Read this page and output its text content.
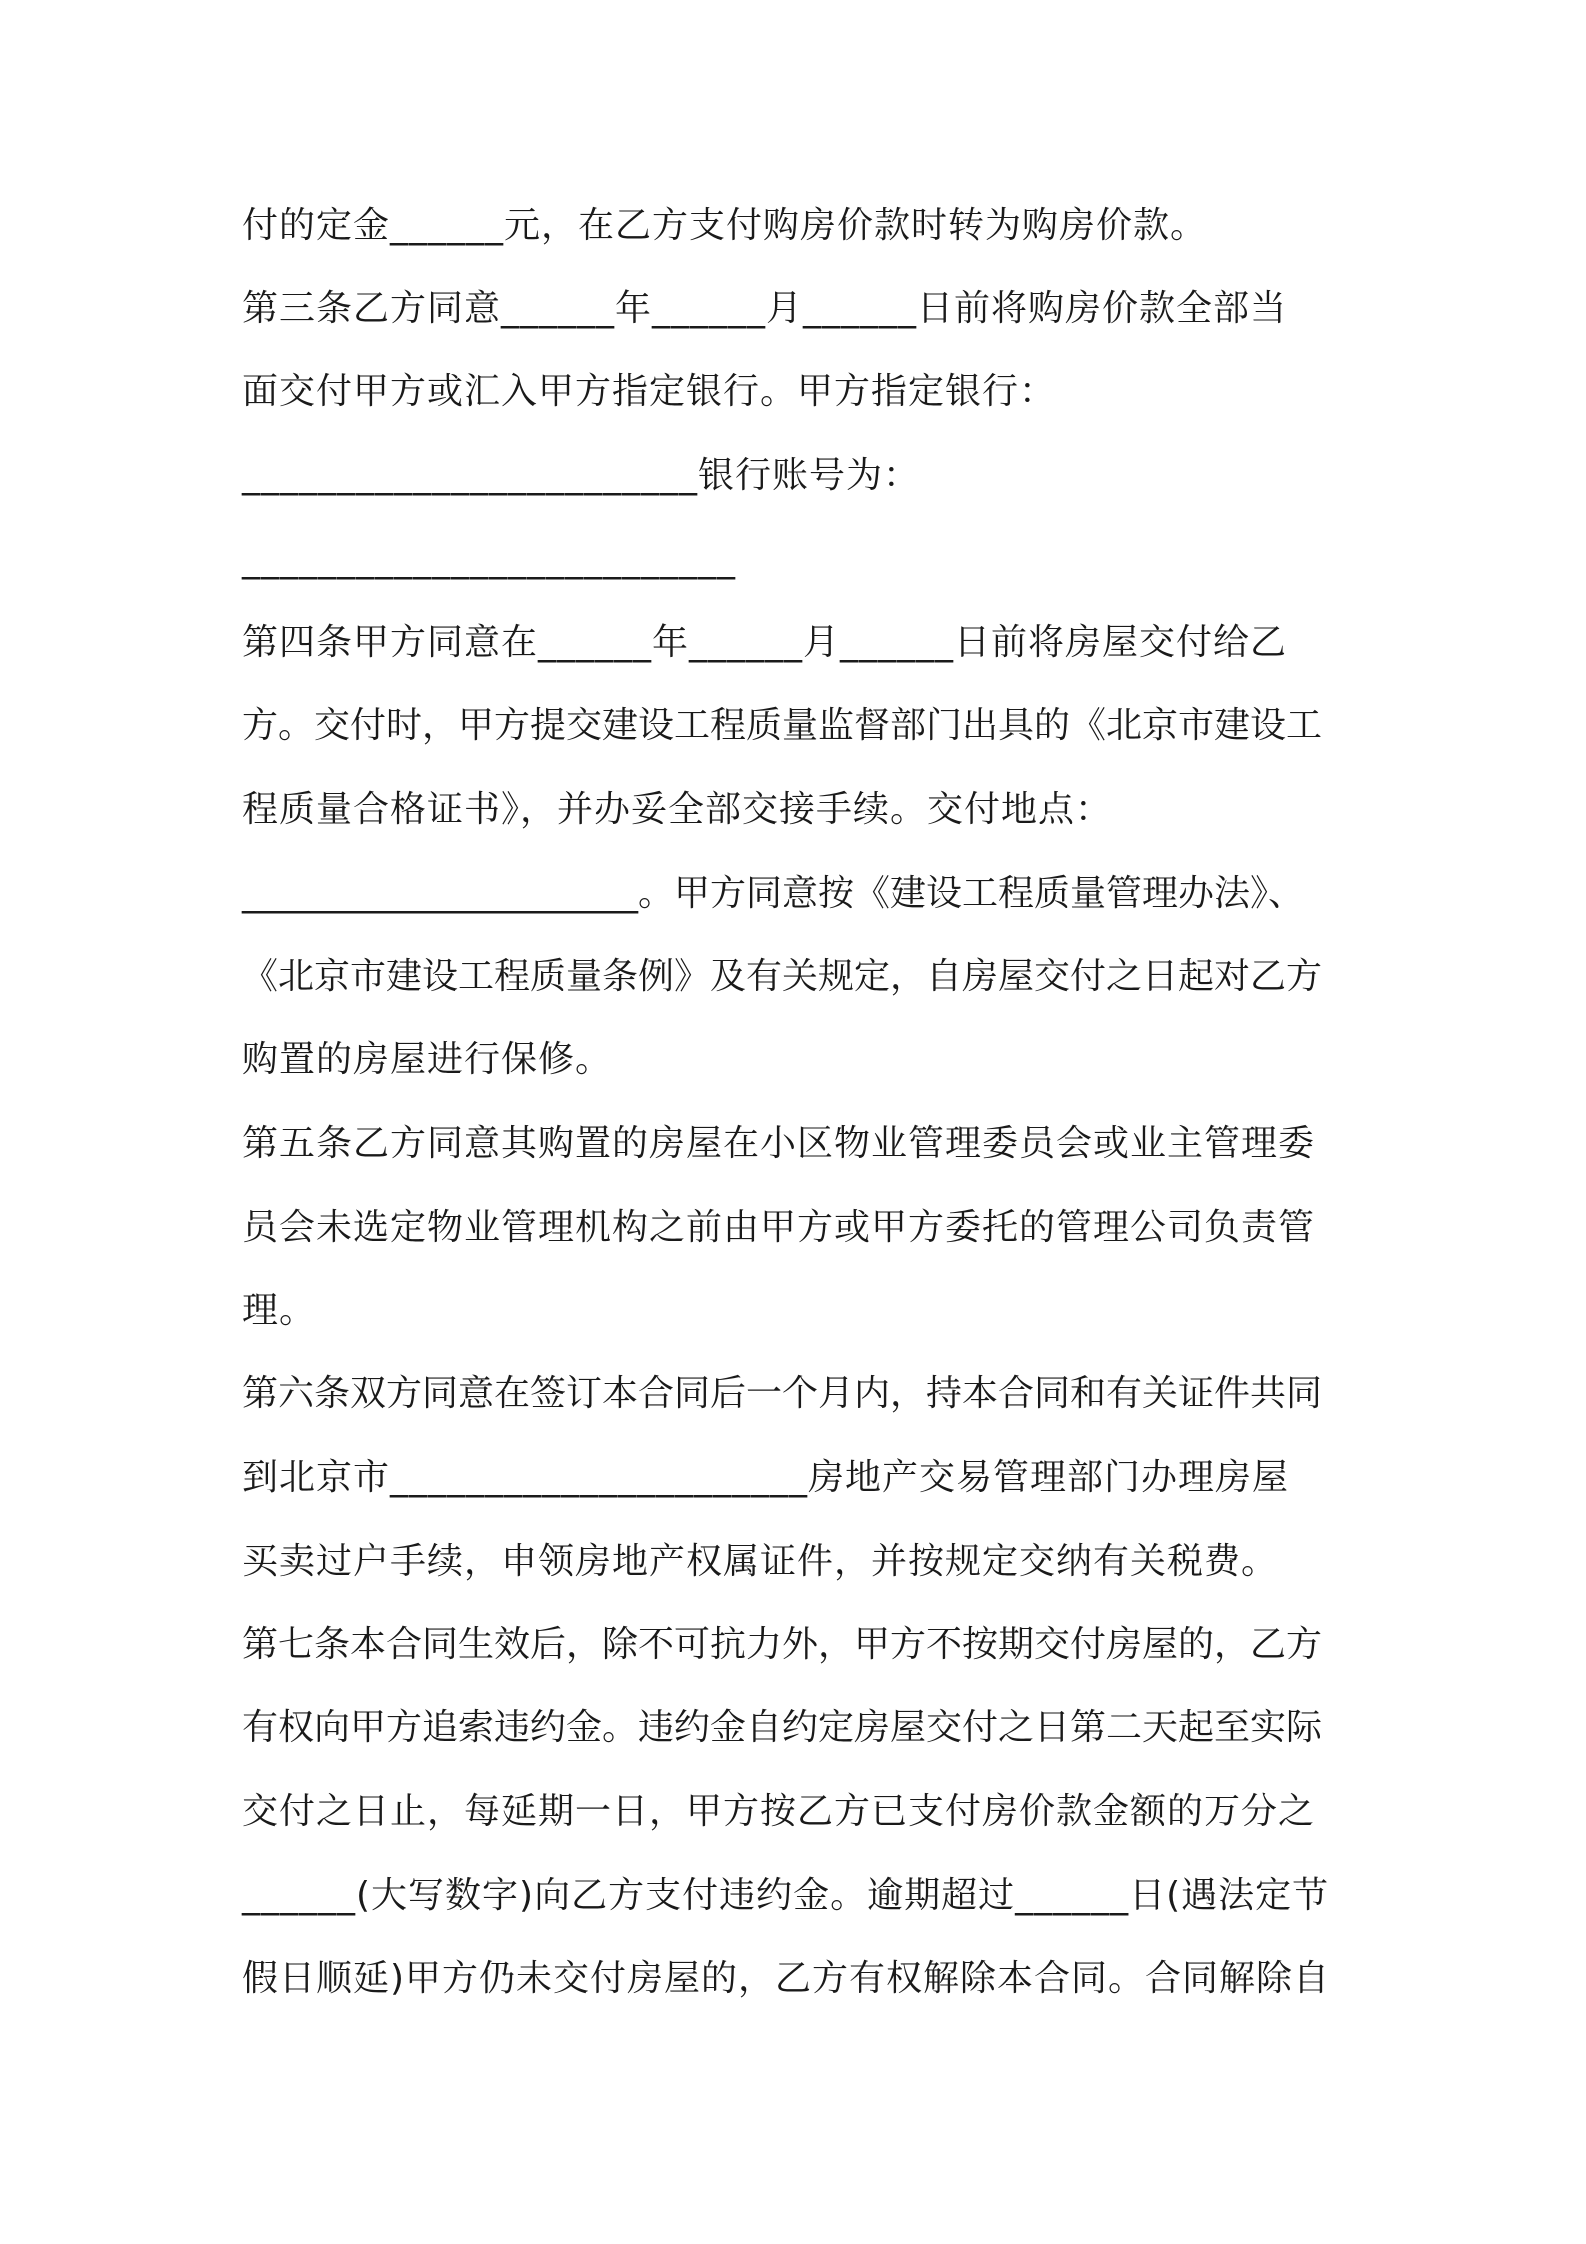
付的定金______元，在乙方支付购房价款时转为购房价款。
第三条乙方同意______年______月______日前将购房价款全部当
面交付甲方或汇入甲方指定银行。甲方指定银行：
________________________银行账号为：
__________________________
第四条甲方同意在______年______月______日前将房屋交付给乙
方。交付时，甲方提交建设工程质量监督部门出具的《北京市建设工
程质量合格证书》，并办妥全部交接手续。交付地点：
______________________。甲方同意按《建设工程质量管理办法》、
《北京市建设工程质量条例》及有关规定，自房屋交付之日起对乙方
购置的房屋进行保修。
第五条乙方同意其购置的房屋在小区物业管理委员会或业主管理委
员会未选定物业管理机构之前由甲方或甲方委托的管理公司负责管
理。
第六条双方同意在签订本合同后一个月内，持本合同和有关证件共同
到北京市______________________房地产交易管理部门办理房屋
买卖过户手续，申领房地产权属证件，并按规定交纳有关税费。
第七条本合同生效后，除不可抗力外，甲方不按期交付房屋的，乙方
有权向甲方追索违约金。违约金自约定房屋交付之日第二天起至实际
交付之日止，每延期一日，甲方按乙方已支付房价款金额的万分之
______(大写数字)向乙方支付违约金。逾期超过______日(遇法定节
假日顺延)甲方仍未交付房屋的，乙方有权解除本合同。合同解除自
